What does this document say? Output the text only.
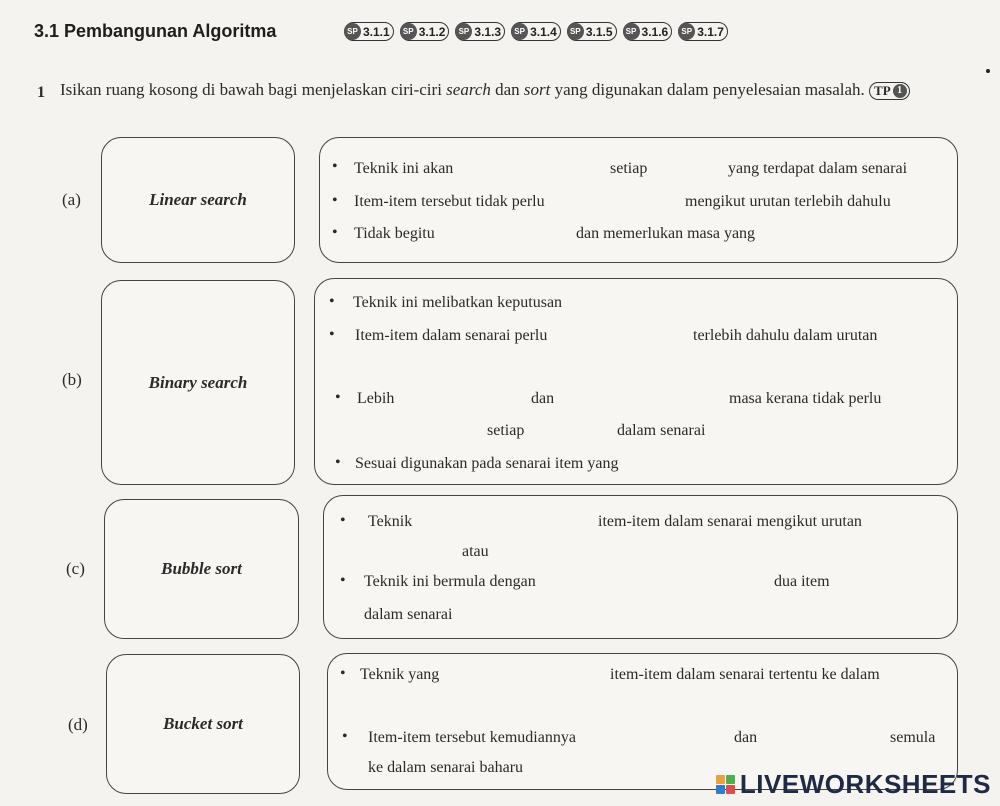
3.1 Pembangunan Algoritma	SP 3.1.1	SP 3.1.2	SP 3.1.3	SP 3.1.4	SP 3.1.5	SP 3.1.6	SP 3.1.7
1 Isikan ruang kosong di bawah bagi menjelaskan ciri-ciri search dan sort yang digunakan dalam penyelesaian masalah. TP 1
(a)	Linear search
• Teknik ini akan	setiap	yang terdapat dalam senarai
• Item-item tersebut tidak perlu	mengikut urutan terlebih dahulu
• Tidak begitu	dan memerlukan masa yang
(b)	Binary search
• Teknik ini melibatkan keputusan
• Item-item dalam senarai perlu	terlebih dahulu dalam urutan
• Lebih	dan	masa kerana tidak perlu
setiap	dalam senarai
• Sesuai digunakan pada senarai item yang
(c)	Bubble sort
• Teknik	item-item dalam senarai mengikut urutan
atau
• Teknik ini bermula dengan	dua item
dalam senarai
(d)	Bucket sort
• Teknik yang	item-item dalam senarai tertentu ke dalam
• Item-item tersebut kemudiannya	dan	semula
ke dalam senarai baharu
LIVEWORKSHEETS
